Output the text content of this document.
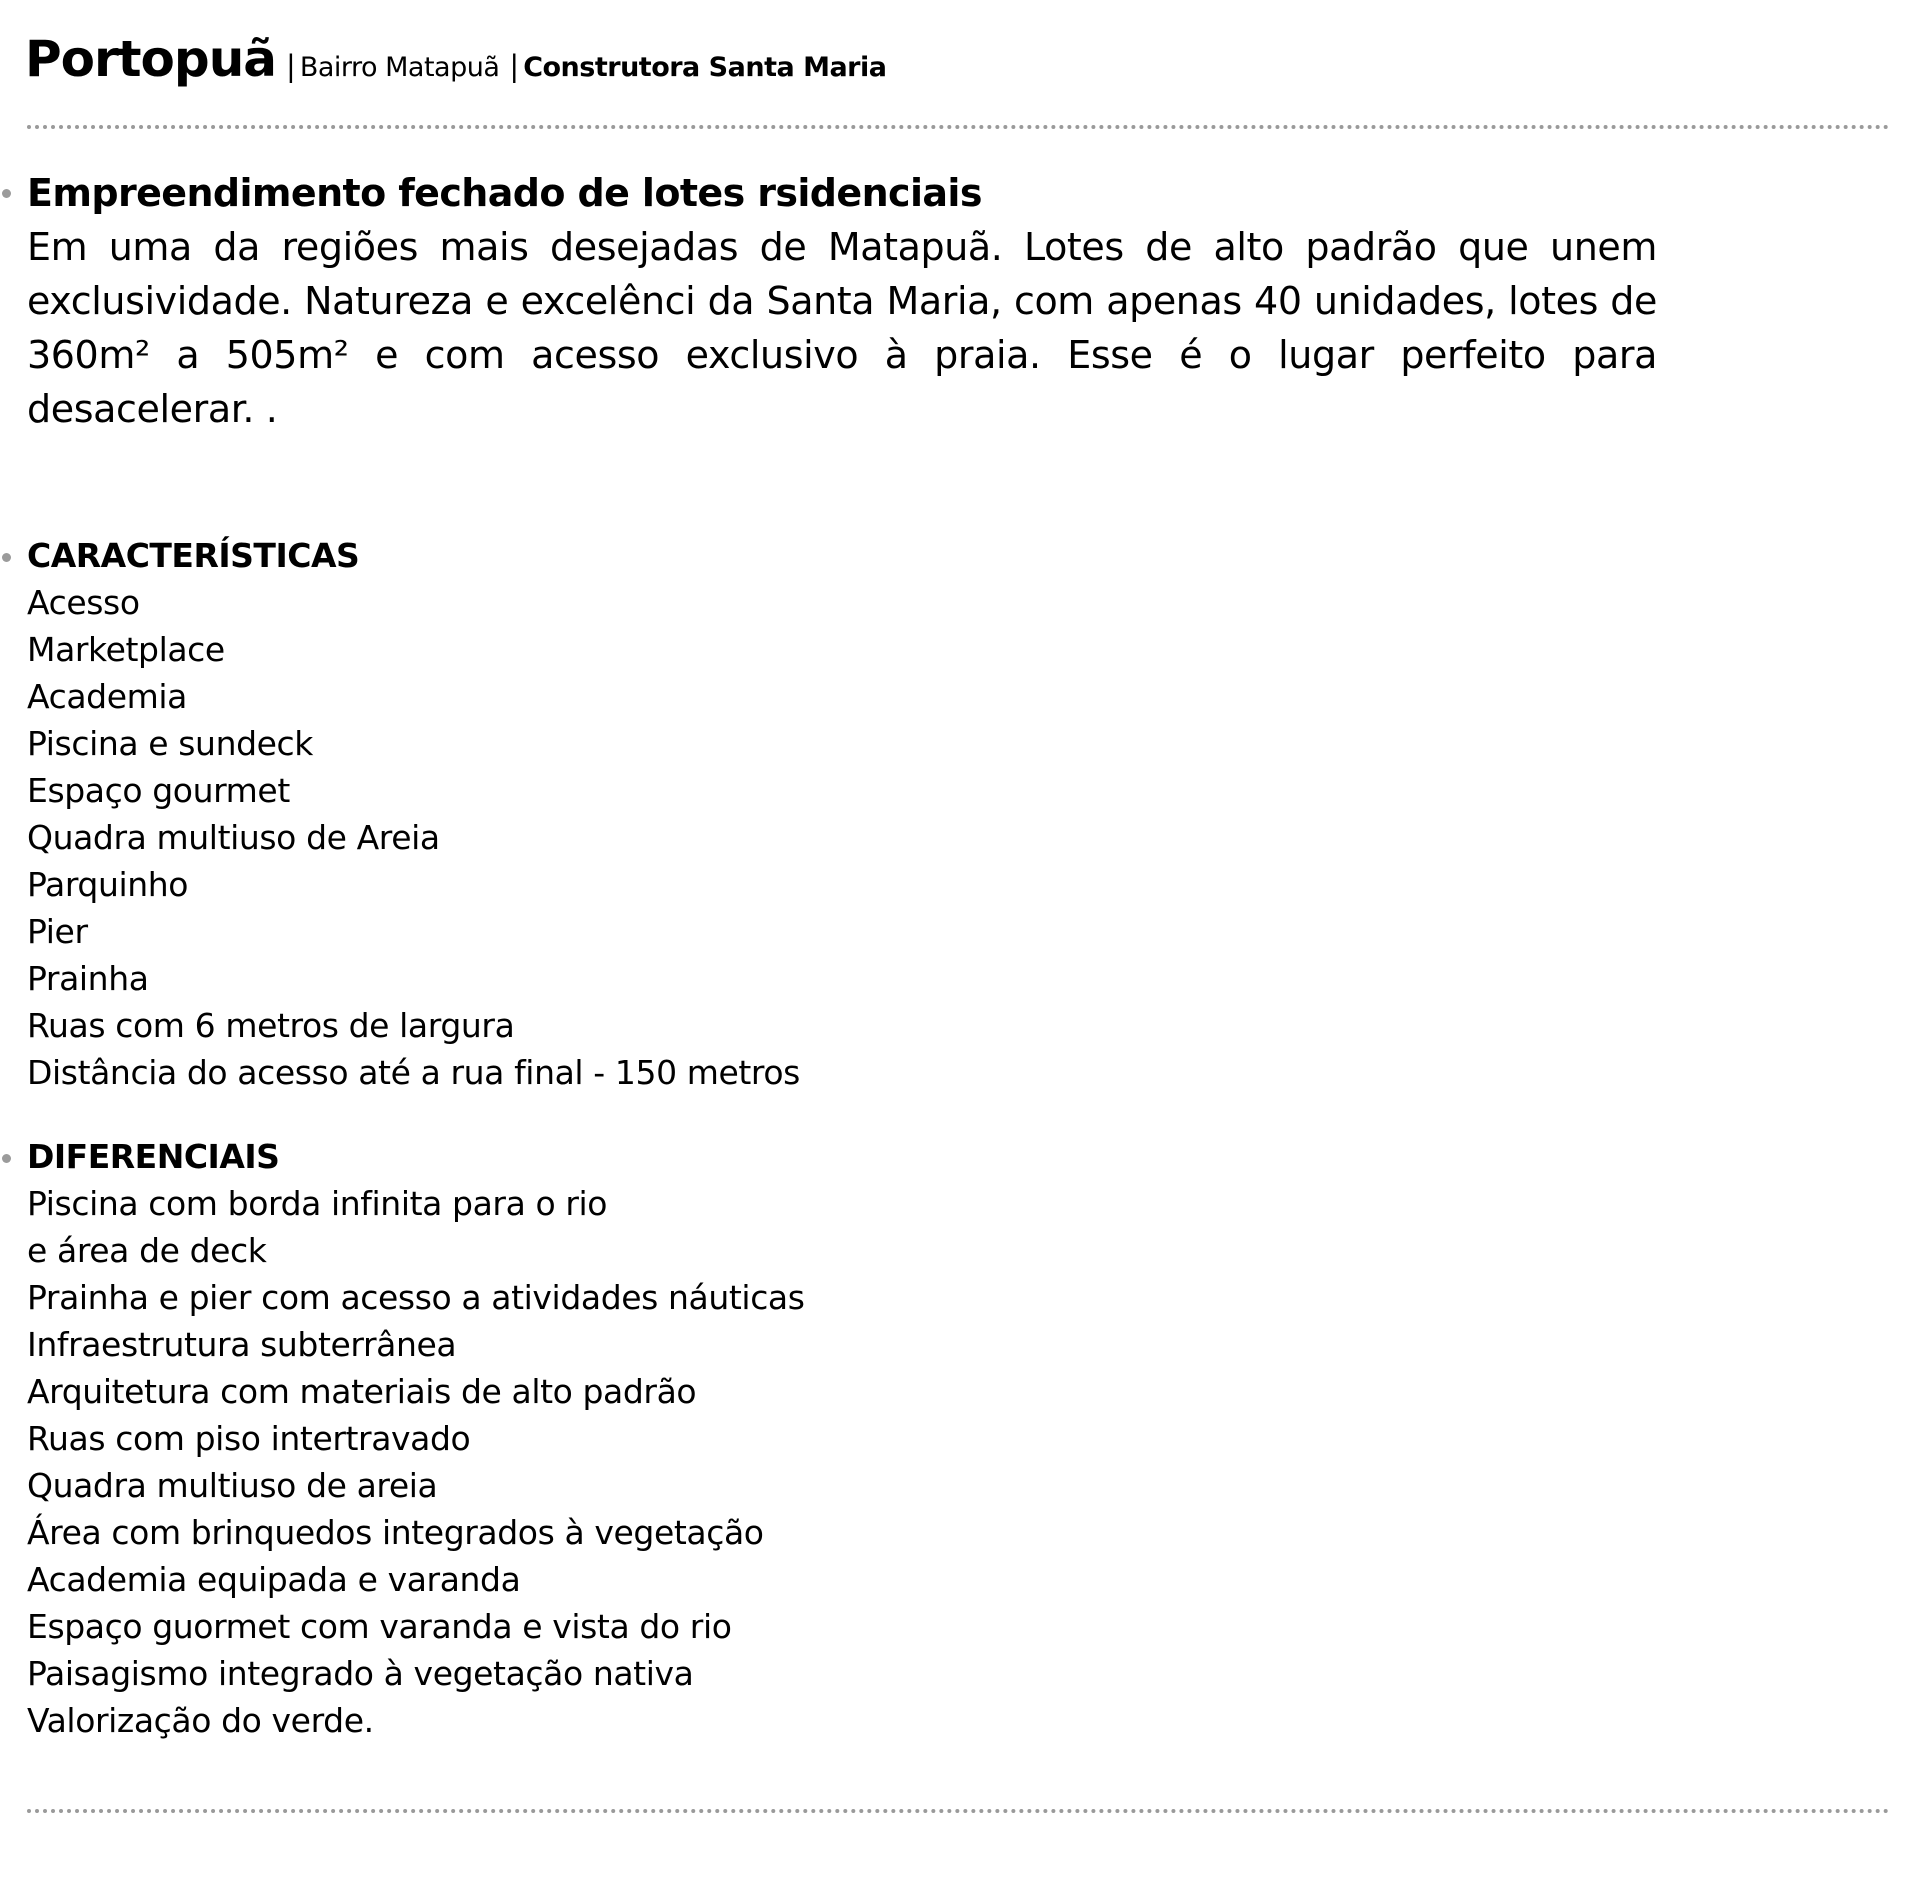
Portopuã | Bairro Matapuã | Construtora Santa Maria
Empreendimento fechado de lotes rsidenciais
Em uma da regiões mais desejadas de Matapuã. Lotes de alto padrão que unem exclusividade. Natureza e excelênci da Santa Maria, com apenas 40 unidades, lotes de 360m² a 505m² e com acesso exclusivo à praia. Esse é o lugar perfeito para desacelerar. .
CARACTERÍSTICAS
Acesso
Marketplace
Academia
Piscina e sundeck
Espaço gourmet
Quadra multiuso de Areia
Parquinho
Pier
Prainha
Ruas com 6 metros de largura
Distância do acesso até a rua final - 150 metros
DIFERENCIAIS
Piscina com borda infinita para o rio
e área de deck
Prainha e pier com acesso a atividades náuticas
Infraestrutura subterrânea
Arquitetura com materiais de alto padrão
Ruas com piso intertravado
Quadra multiuso de areia
Área com brinquedos integrados à vegetação
Academia equipada e varanda
Espaço guormet com varanda e vista do rio
Paisagismo integrado à vegetação nativa
Valorização do verde.
